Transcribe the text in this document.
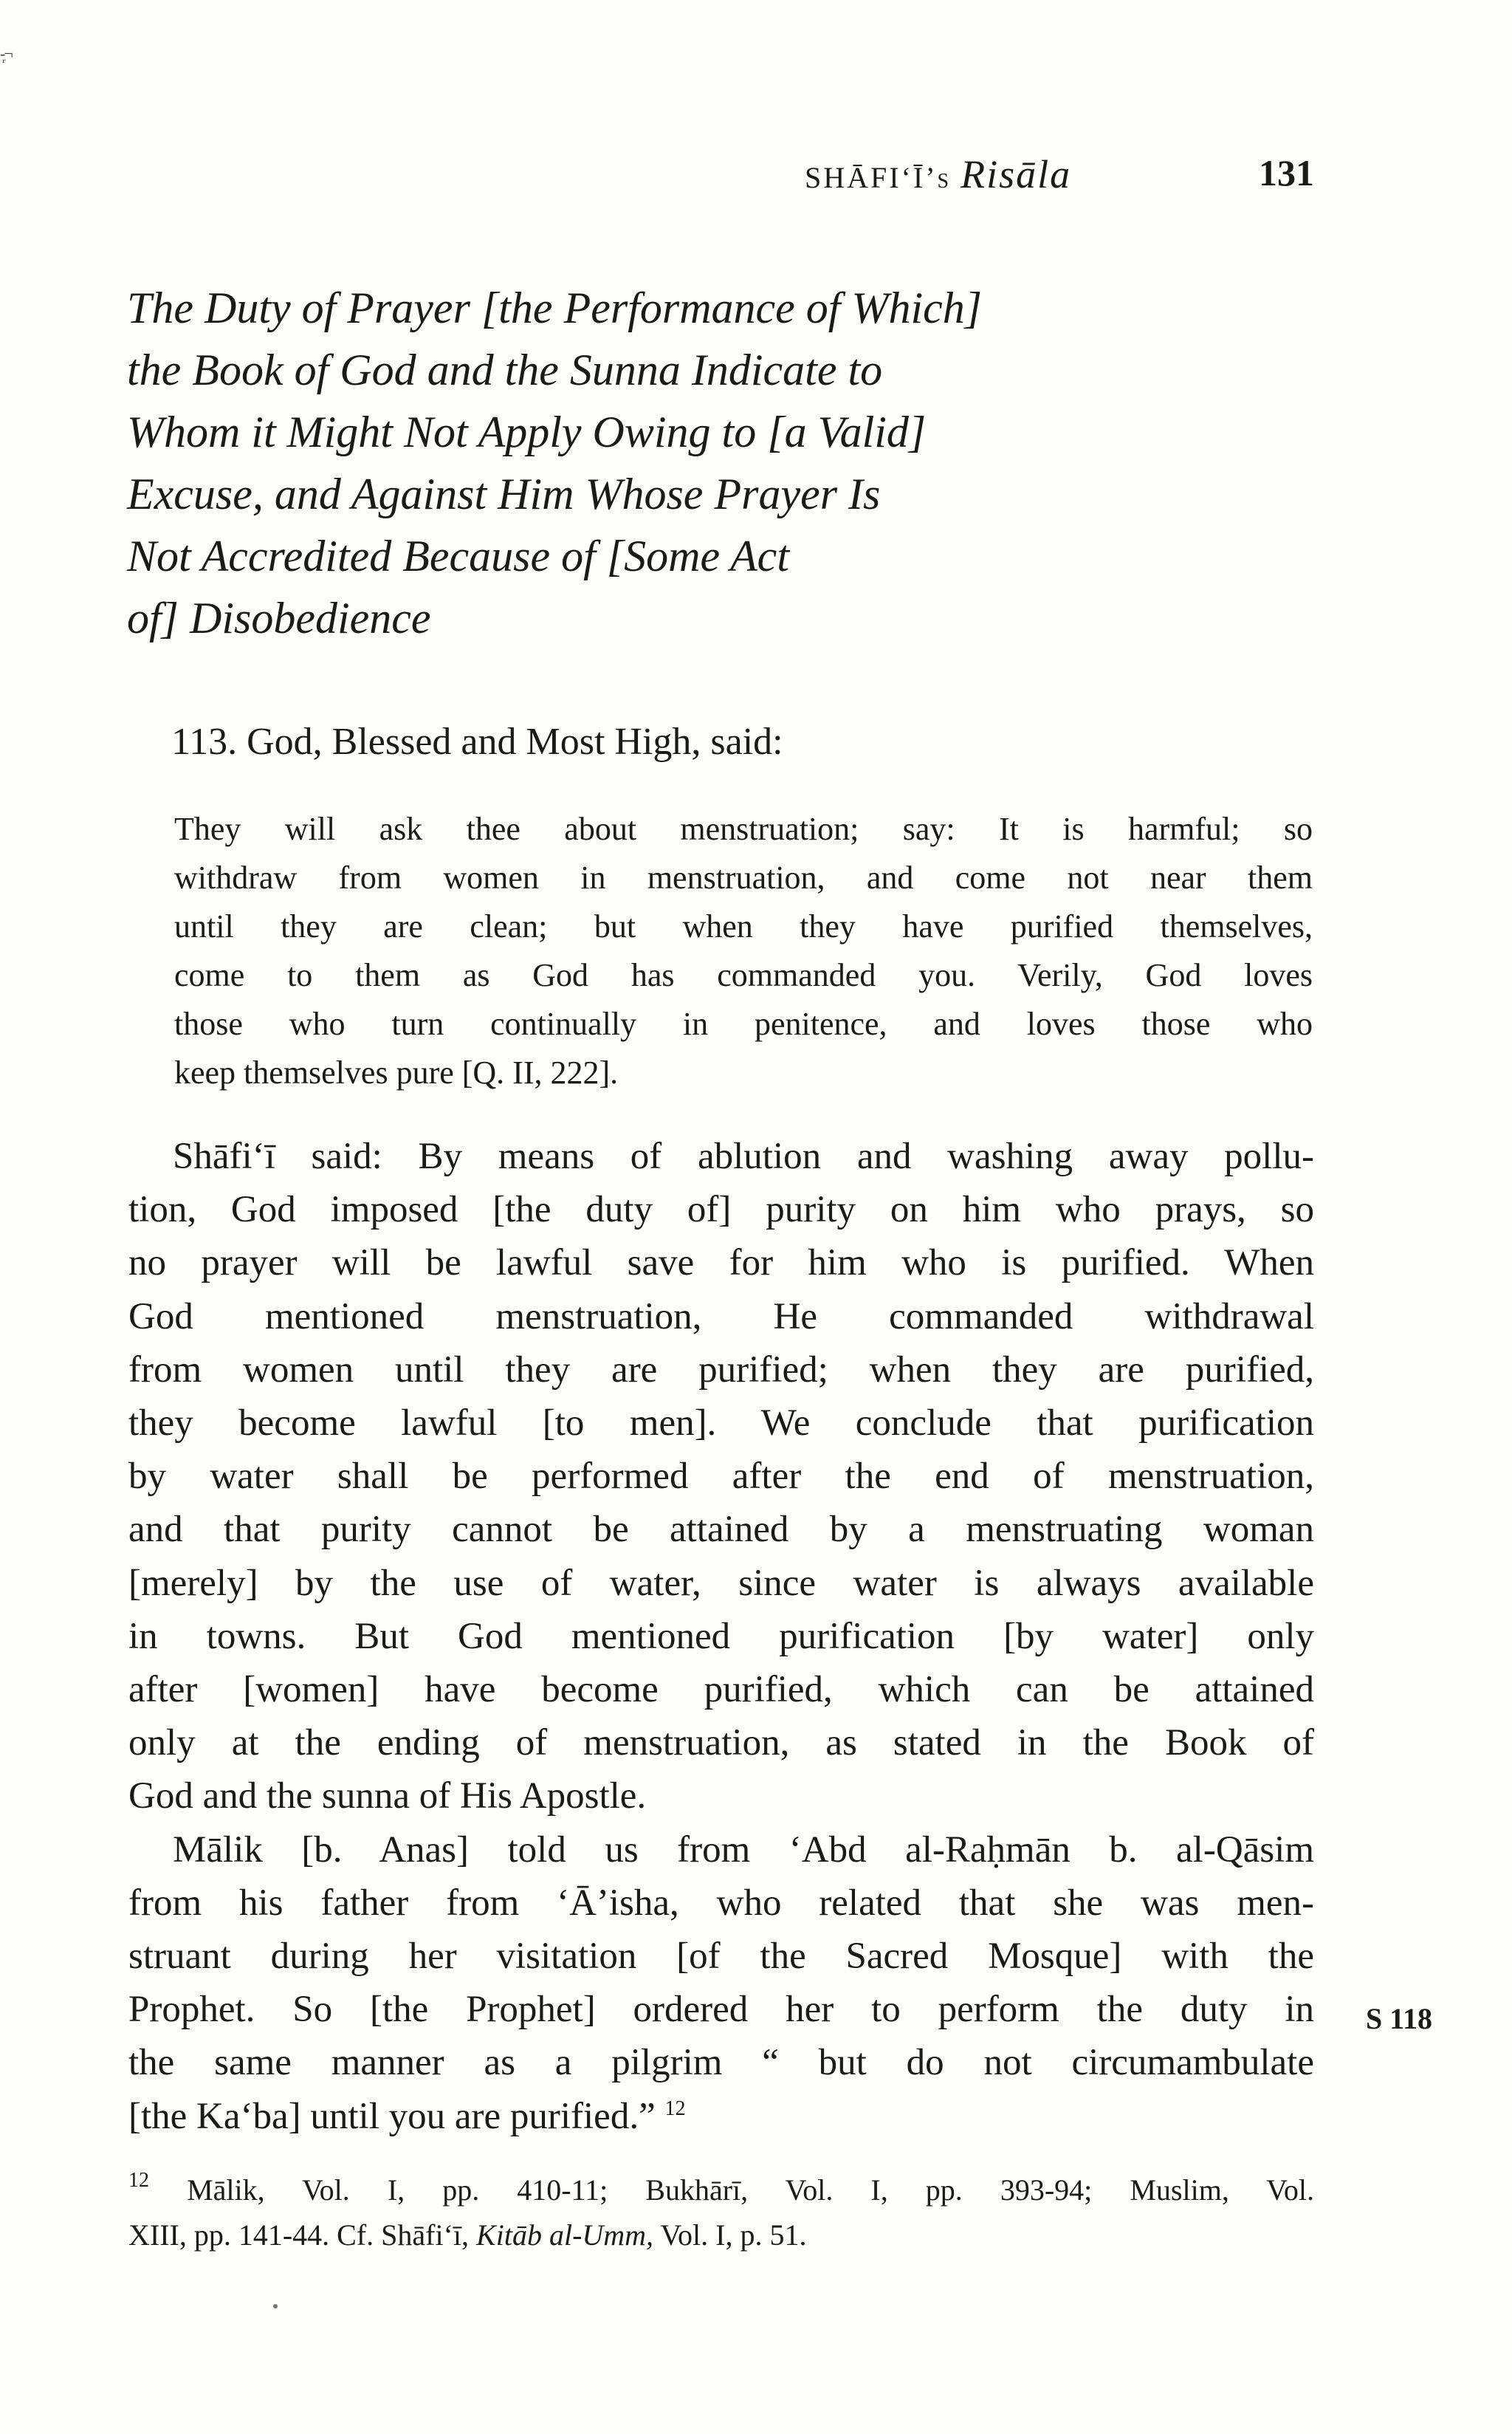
‑᷊¬
SHĀFI‘Ī’s Risāla	131
The Duty of Prayer [the Performance of Which]
the Book of God and the Sunna Indicate to
Whom it Might Not Apply Owing to [a Valid]
Excuse, and Against Him Whose Prayer Is
Not Accredited Because of [Some Act
of] Disobedience
113. God, Blessed and Most High, said:
They will ask thee about menstruation; say: It is harmful; so
withdraw from women in menstruation, and come not near them
until they are clean; but when they have purified themselves,
come to them as God has commanded you. Verily, God loves
those who turn continually in penitence, and loves those who
keep themselves pure [Q. II, 222].
Shāfi‘ī said: By means of ablution and washing away pollu-
tion, God imposed [the duty of] purity on him who prays, so
no prayer will be lawful save for him who is purified. When
God mentioned menstruation, He commanded withdrawal
from women until they are purified; when they are purified,
they become lawful [to men]. We conclude that purification
by water shall be performed after the end of menstruation,
and that purity cannot be attained by a menstruating woman
[merely] by the use of water, since water is always available
in towns. But God mentioned purification [by water] only
after [women] have become purified, which can be attained
only at the ending of menstruation, as stated in the Book of
God and the sunna of His Apostle.
Mālik [b. Anas] told us from ‘Abd al-Raḥmān b. al-Qāsim
from his father from ‘Ā’isha, who related that she was men-
struant during her visitation [of the Sacred Mosque] with the
Prophet. So [the Prophet] ordered her to perform the duty in
the same manner as a pilgrim “ but do not circumambulate
[the Ka‘ba] until you are purified.” $^{12}$
S 118
$^{12}$ Mālik, Vol. I, pp. 410-11; Bukhārī, Vol. I, pp. 393-94; Muslim, Vol.
XIII, pp. 141-44. Cf. Shāfi‘ī, Kitāb al-Umm, Vol. I, p. 51.
